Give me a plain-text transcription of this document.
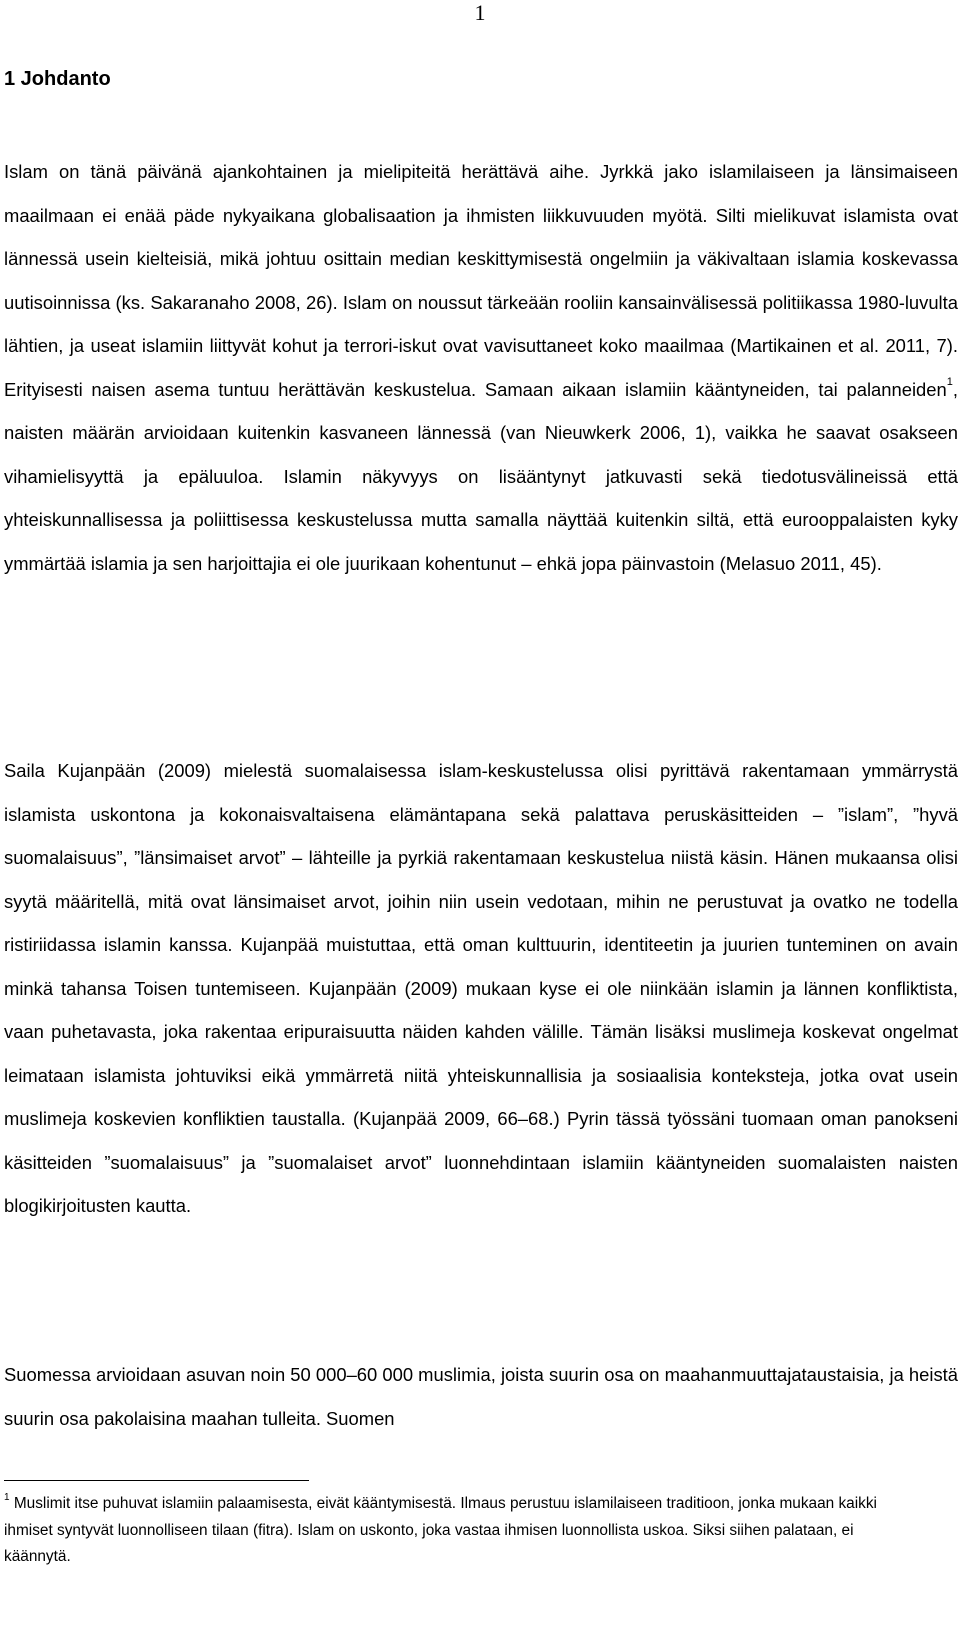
1
1 Johdanto

Islam on tänä päivänä ajankohtainen ja mielipiteitä herättävä aihe. Jyrkkä jako islamilaiseen ja länsimaiseen maailmaan ei enää päde nykyaikana globalisaation ja ihmisten liikkuvuuden myötä. Silti mielikuvat islamista ovat lännessä usein kielteisiä, mikä johtuu osittain median keskittymisestä ongelmiin ja väkivaltaan islamia koskevassa uutisoinnissa (ks. Sakaranaho 2008, 26). Islam on noussut tärkeään rooliin kansainvälisessä politiikassa 1980-luvulta lähtien, ja useat islamiin liittyvät kohut ja terrori-iskut ovat vavisuttaneet koko maailmaa (Martikainen et al. 2011, 7). Erityisesti naisen asema tuntuu herättävän keskustelua. Samaan aikaan islamiin kääntyneiden, tai palanneiden$^1$, naisten määrän arvioidaan kuitenkin kasvaneen lännessä (van Nieuwkerk 2006, 1), vaikka he saavat osakseen vihamielisyyttä ja epäluuloa. Islamin näkyvyys on lisääntynyt jatkuvasti sekä tiedotusvälineissä että yhteiskunnallisessa ja poliittisessa keskustelussa mutta samalla näyttää kuitenkin siltä, että eurooppalaisten kyky ymmärtää islamia ja sen harjoittajia ei ole juurikaan kohentunut – ehkä jopa päinvastoin (Melasuo 2011, 45).

Saila Kujanpään (2009) mielestä suomalaisessa islam-keskustelussa olisi pyrittävä rakentamaan ymmärrystä islamista uskontona ja kokonaisvaltaisena elämäntapana sekä palattava peruskäsitteiden – ”islam”, ”hyvä suomalaisuus”, ”länsimaiset arvot” – lähteille ja pyrkiä rakentamaan keskustelua niistä käsin. Hänen mukaansa olisi syytä määritellä, mitä ovat länsimaiset arvot, joihin niin usein vedotaan, mihin ne perustuvat ja ovatko ne todella ristiriidassa islamin kanssa. Kujanpää muistuttaa, että oman kulttuurin, identiteetin ja juurien tunteminen on avain minkä tahansa Toisen tuntemiseen. Kujanpään (2009) mukaan kyse ei ole niinkään islamin ja lännen konfliktista, vaan puhetavasta, joka rakentaa eripuraisuutta näiden kahden välille. Tämän lisäksi muslimeja koskevat ongelmat leimataan islamista johtuviksi eikä ymmärretä niitä yhteiskunnallisia ja sosiaalisia konteksteja, jotka ovat usein muslimeja koskevien konfliktien taustalla. (Kujanpää 2009, 66–68.) Pyrin tässä työssäni tuomaan oman panokseni käsitteiden ”suomalaisuus” ja ”suomalaiset arvot” luonnehdintaan islamiin kääntyneiden suomalaisten naisten blogikirjoitusten kautta.

Suomessa arvioidaan asuvan noin 50 000–60 000 muslimia, joista suurin osa on maahanmuuttajataustaisia, ja heistä suurin osa pakolaisina maahan tulleita. Suomen

$^1$ Muslimit itse puhuvat islamiin palaamisesta, eivät kääntymisestä. Ilmaus perustuu islamilaiseen traditioon, jonka mukaan kaikki ihmiset syntyvät luonnolliseen tilaan (fitra). Islam on uskonto, joka vastaa ihmisen luonnollista uskoa. Siksi siihen palataan, ei käännytä.
